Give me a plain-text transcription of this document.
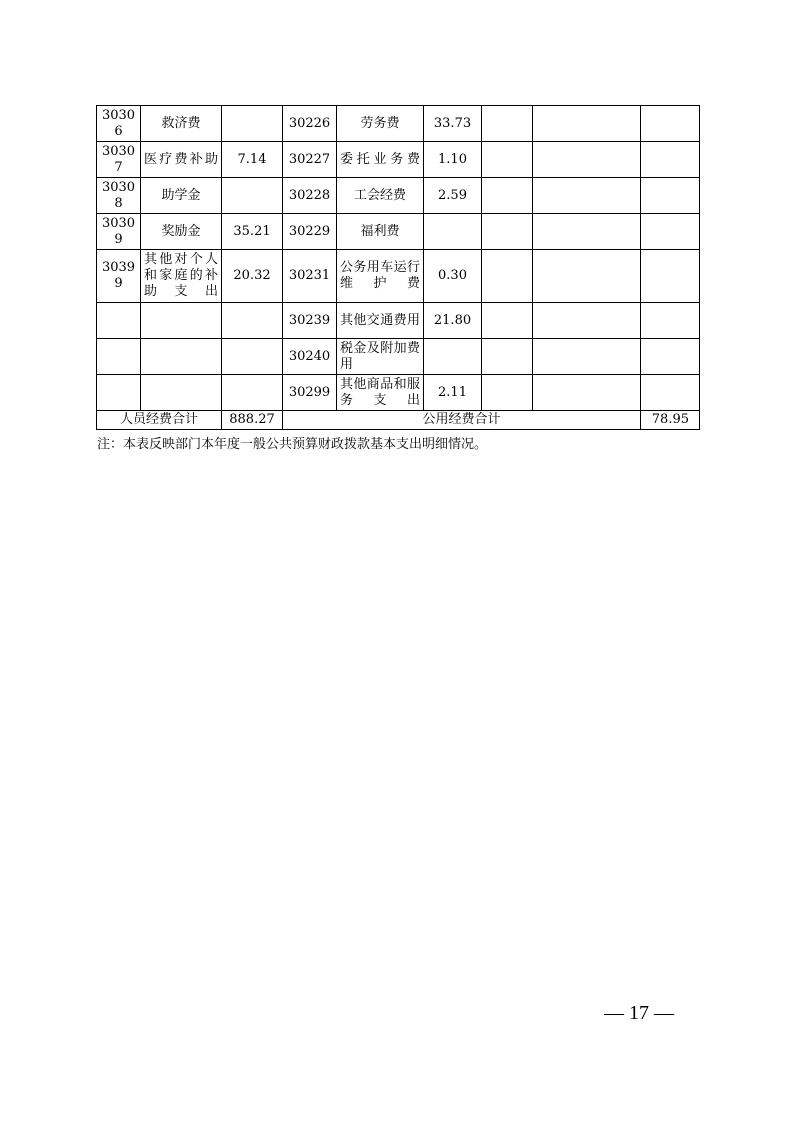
30306	救济费		30226	劳务费	33.73			
30307	医疗费补助	7.14	30227	委托业务费	1.10			
30308	助学金		30228	工会经费	2.59			
30309	奖励金	35.21	30229	福利费				
30399	其他对个人和家庭的补助支出	20.32	30231	公务用车运行维护费	0.30			
			30239	其他交通费用	21.80			
			30240	税金及附加费用				
			30299	其他商品和服务支出	2.11			
人员经费合计		888.27	公用经费合计					78.95
注：本表反映部门本年度一般公共预算财政拨款基本支出明细情况。
— 17 —
